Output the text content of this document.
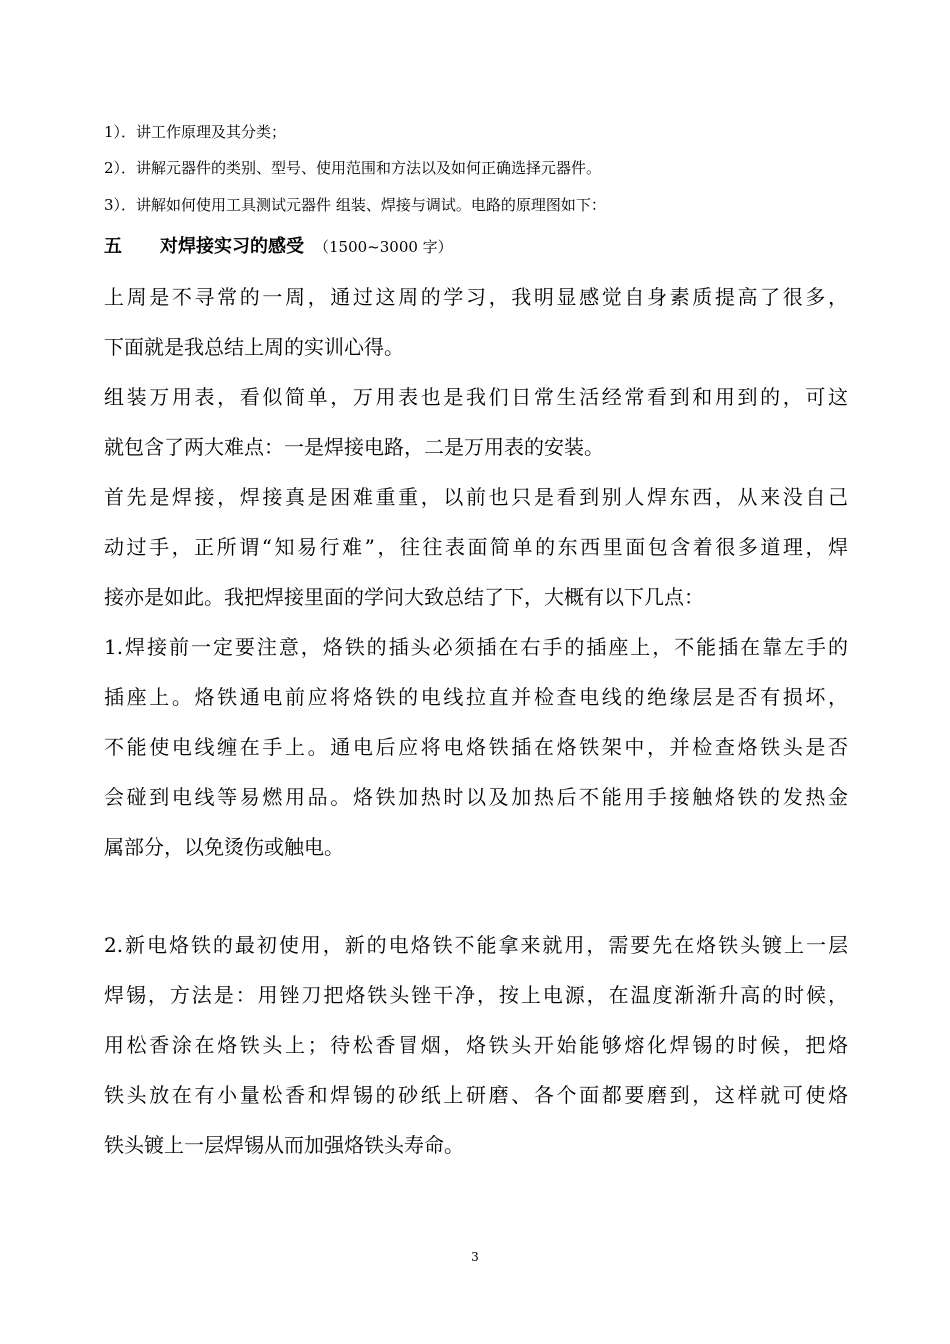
1）．讲工作原理及其分类；
2）．讲解元器件的类别、型号、使用范围和方法以及如何正确选择元器件。
3）．讲解如何使用工具测试元器件 组装、焊接与调试。电路的原理图如下：
五 对焊接实习的感受 （1500~3000 字）
上周是不寻常的一周，通过这周的学习，我明显感觉自身素质提高了很多，
下面就是我总结上周的实训心得。
组装万用表，看似简单，万用表也是我们日常生活经常看到和用到的，可这
就包含了两大难点：一是焊接电路，二是万用表的安装。
首先是焊接，焊接真是困难重重，以前也只是看到别人焊东西，从来没自己
动过手，正所谓“知易行难”，往往表面简单的东西里面包含着很多道理，焊
接亦是如此。我把焊接里面的学问大致总结了下，大概有以下几点：
1.焊接前一定要注意，烙铁的插头必须插在右手的插座上，不能插在靠左手的
插座上。烙铁通电前应将烙铁的电线拉直并检查电线的绝缘层是否有损坏，
不能使电线缠在手上。通电后应将电烙铁插在烙铁架中，并检查烙铁头是否
会碰到电线等易燃用品。烙铁加热时以及加热后不能用手接触烙铁的发热金
属部分，以免烫伤或触电。
2.新电烙铁的最初使用，新的电烙铁不能拿来就用，需要先在烙铁头镀上一层
焊锡，方法是：用锉刀把烙铁头锉干净，按上电源，在温度渐渐升高的时候，
用松香涂在烙铁头上；待松香冒烟，烙铁头开始能够熔化焊锡的时候，把烙
铁头放在有小量松香和焊锡的砂纸上研磨、各个面都要磨到，这样就可使烙
铁头镀上一层焊锡从而加强烙铁头寿命。
3
